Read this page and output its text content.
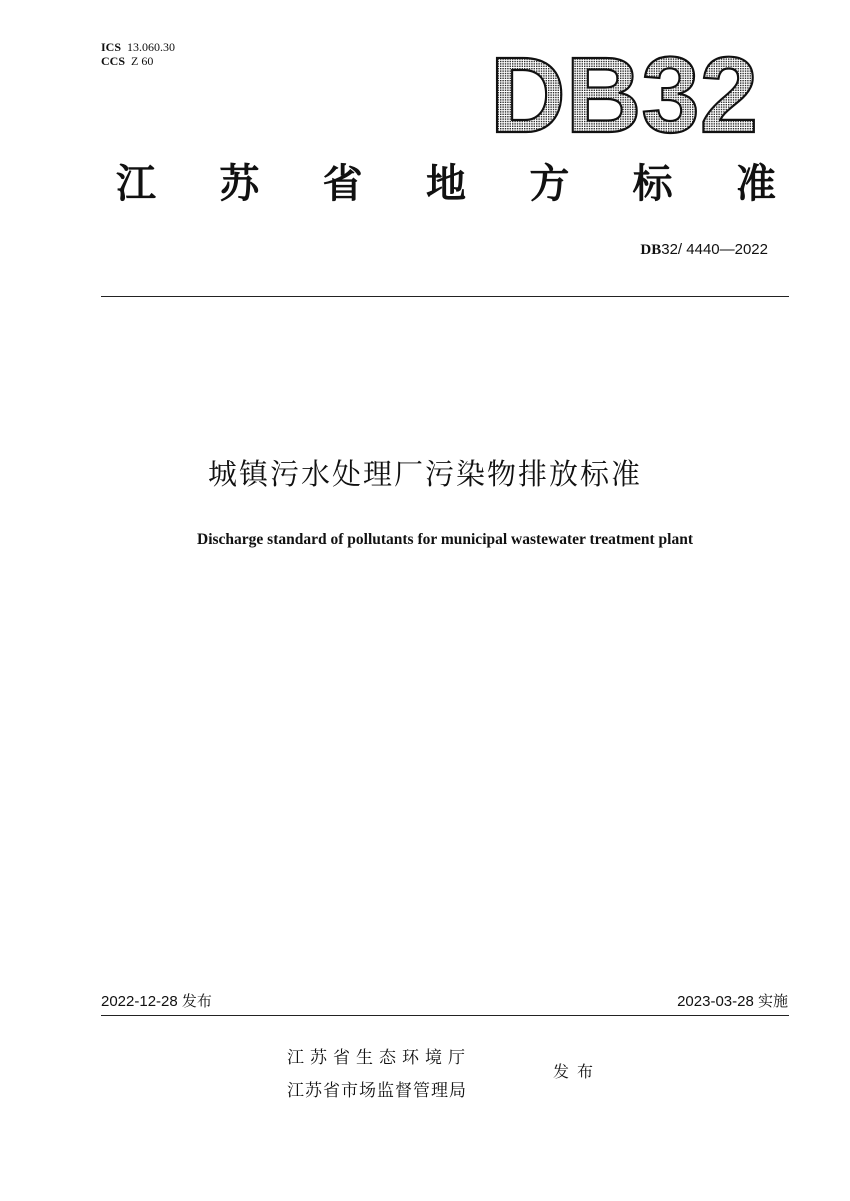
ICS 13.060.30
CCS Z 60	DB32
江 苏 省 地 方 标 准
DB32/ 4440—2022
城镇污水处理厂污染物排放标准
Discharge standard of pollutants for municipal wastewater treatment plant
2022-12-28 发布	2023-03-28 实施
江苏省生态环境厅
江苏省市场监督管理局
发布
